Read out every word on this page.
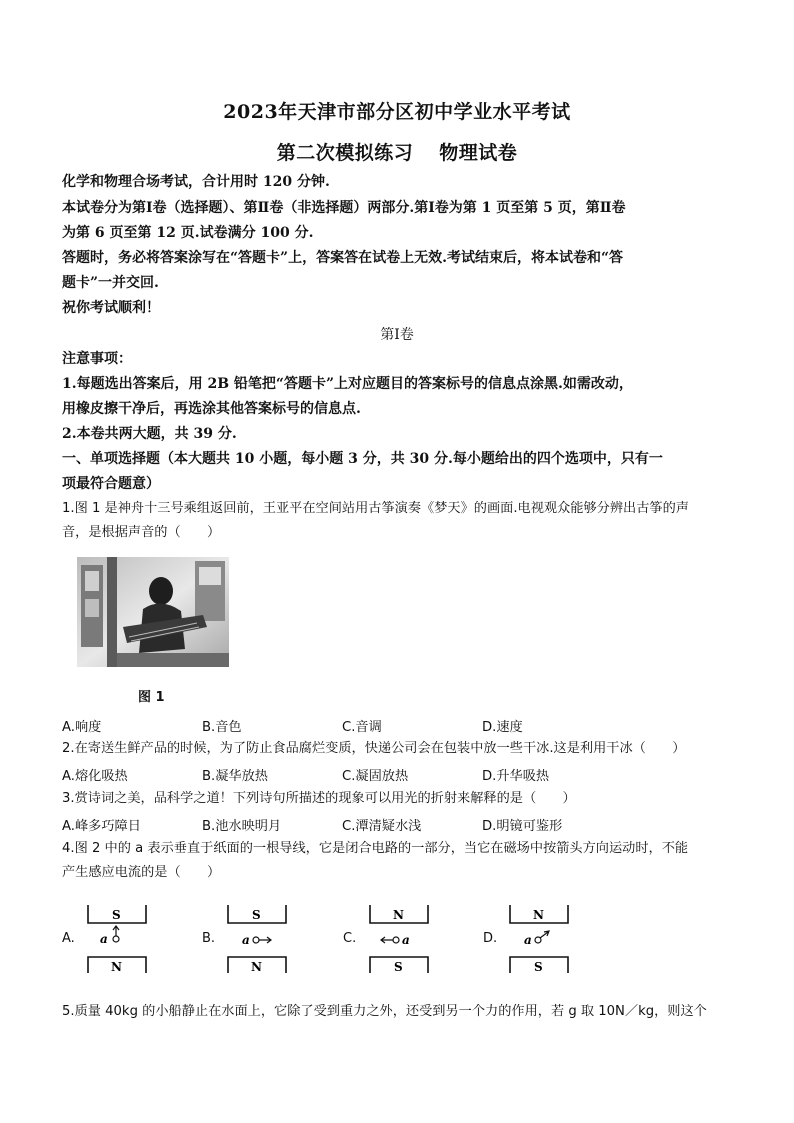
2023年天津市部分区初中学业水平考试
第二次模拟练习 物理试卷
化学和物理合场考试，合计用时 120 分钟.
本试卷分为第Ⅰ卷（选择题）、第Ⅱ卷（非选择题）两部分.第Ⅰ卷为第 1 页至第 5 页，第Ⅱ卷
为第 6 页至第 12 页.试卷满分 100 分.
答题时，务必将答案涂写在“答题卡”上，答案答在试卷上无效.考试结束后，将本试卷和“答
题卡”一并交回.
祝你考试顺利！
第Ⅰ卷
注意事项：
1.每题选出答案后，用 2B 铅笔把“答题卡”上对应题目的答案标号的信息点涂黑.如需改动，
用橡皮擦干净后，再选涂其他答案标号的信息点.
2.本卷共两大题，共 39 分.
一、单项选择题（本大题共 10 小题，每小题 3 分，共 30 分.每小题给出的四个选项中，只有一
项最符合题意）
1.图 1 是神舟十三号乘组返回前，王亚平在空间站用古筝演奏《梦天》的画面.电视观众能够分辨出古筝的声
音，是根据声音的（　　）
图 1
A.响度	B.音色	C.音调	D.速度
2.在寄送生鲜产品的时候，为了防止食品腐烂变质，快递公司会在包装中放一些干冰.这是利用干冰（　　）
A.熔化吸热	B.凝华放热	C.凝固放热	D.升华吸热
3.赏诗词之美，品科学之道！下列诗句所描述的现象可以用光的折射来解释的是（　　）
A.峰多巧障日	B.池水映明月	C.潭清疑水浅	D.明镜可鉴形
4.图 2 中的 a 表示垂直于纸面的一根导线，它是闭合电路的一部分，当它在磁场中按箭头方向运动时，不能
产生感应电流的是（　　）
A.
S
N
a	B.
S
N
a	C.
N
S
a	D.
N
S
a
5.质量 40kg 的小船静止在水面上，它除了受到重力之外，还受到另一个力的作用，若 g 取 10N／kg，则这个
